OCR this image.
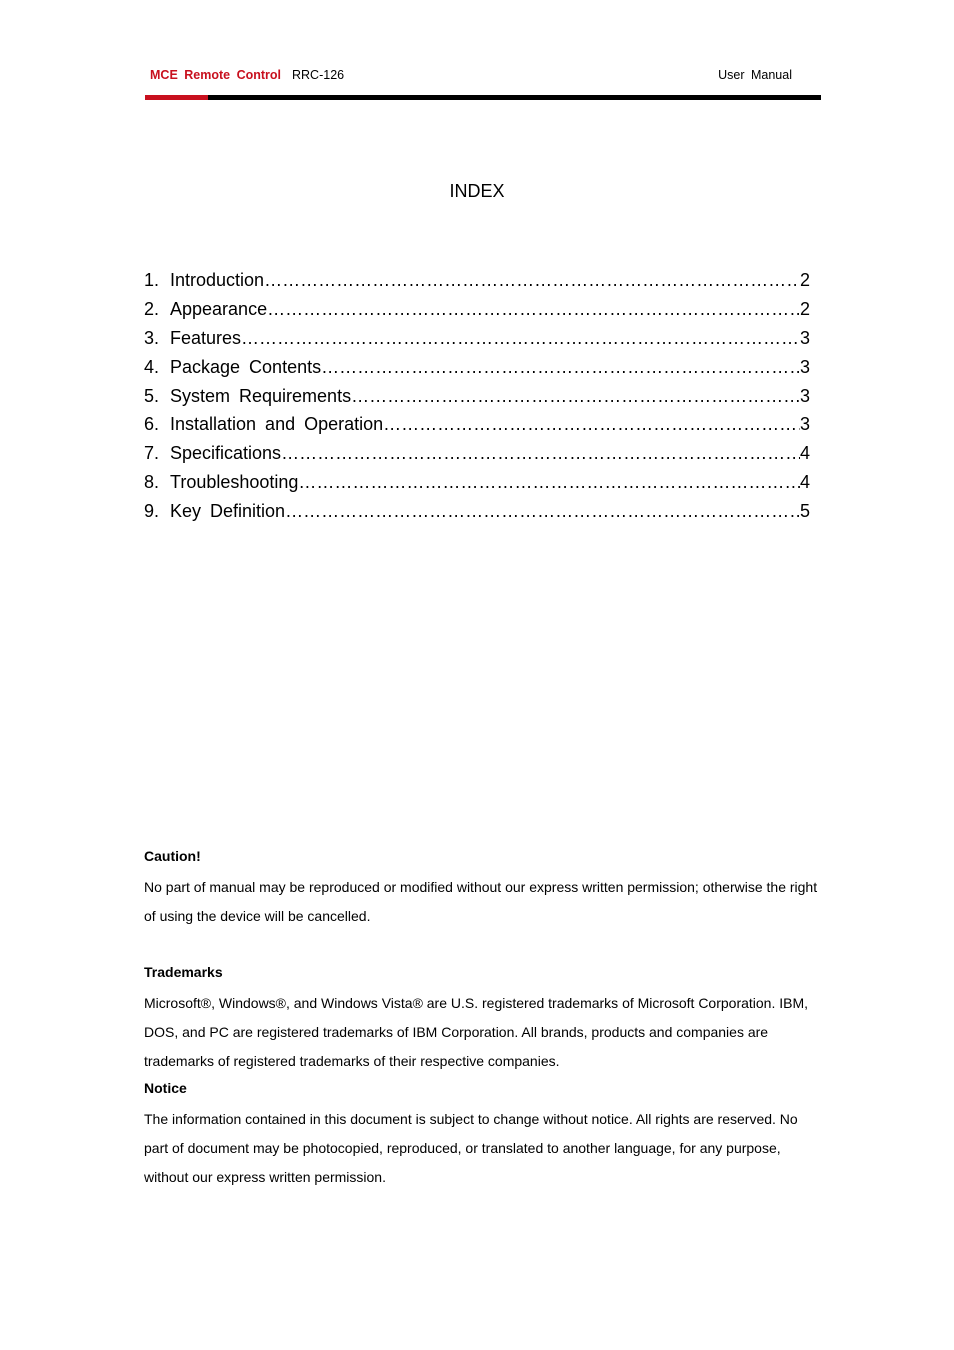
MCE Remote Control RRC-126	User Manual
INDEX
1. Introduction ……………………………………………………………………………………………………………………………………………………………	2
2. Appearance ……………………………………………………………………………………………………………………………………………………………	2
3. Features ……………………………………………………………………………………………………………………………………………………………	3
4. Package Contents ……………………………………………………………………………………………………………………………………………………………	3
5. System Requirements ……………………………………………………………………………………………………………………………………………………………	3
6. Installation and Operation ……………………………………………………………………………………………………………………………………………………………	3
7. Specifications ……………………………………………………………………………………………………………………………………………………………	4
8. Troubleshooting ……………………………………………………………………………………………………………………………………………………………	4
9. Key Definition ……………………………………………………………………………………………………………………………………………………………	5
Caution!
No part of manual may be reproduced or modified without our express written permission; otherwise the right of using the device will be cancelled.
Trademarks
Microsoft®, Windows®, and Windows Vista® are U.S. registered trademarks of Microsoft Corporation. IBM, DOS, and PC are registered trademarks of IBM Corporation. All brands, products and companies are trademarks of registered trademarks of their respective companies.
Notice
The information contained in this document is subject to change without notice. All rights are reserved. No part of document may be photocopied, reproduced, or translated to another language, for any purpose, without our express written permission.
